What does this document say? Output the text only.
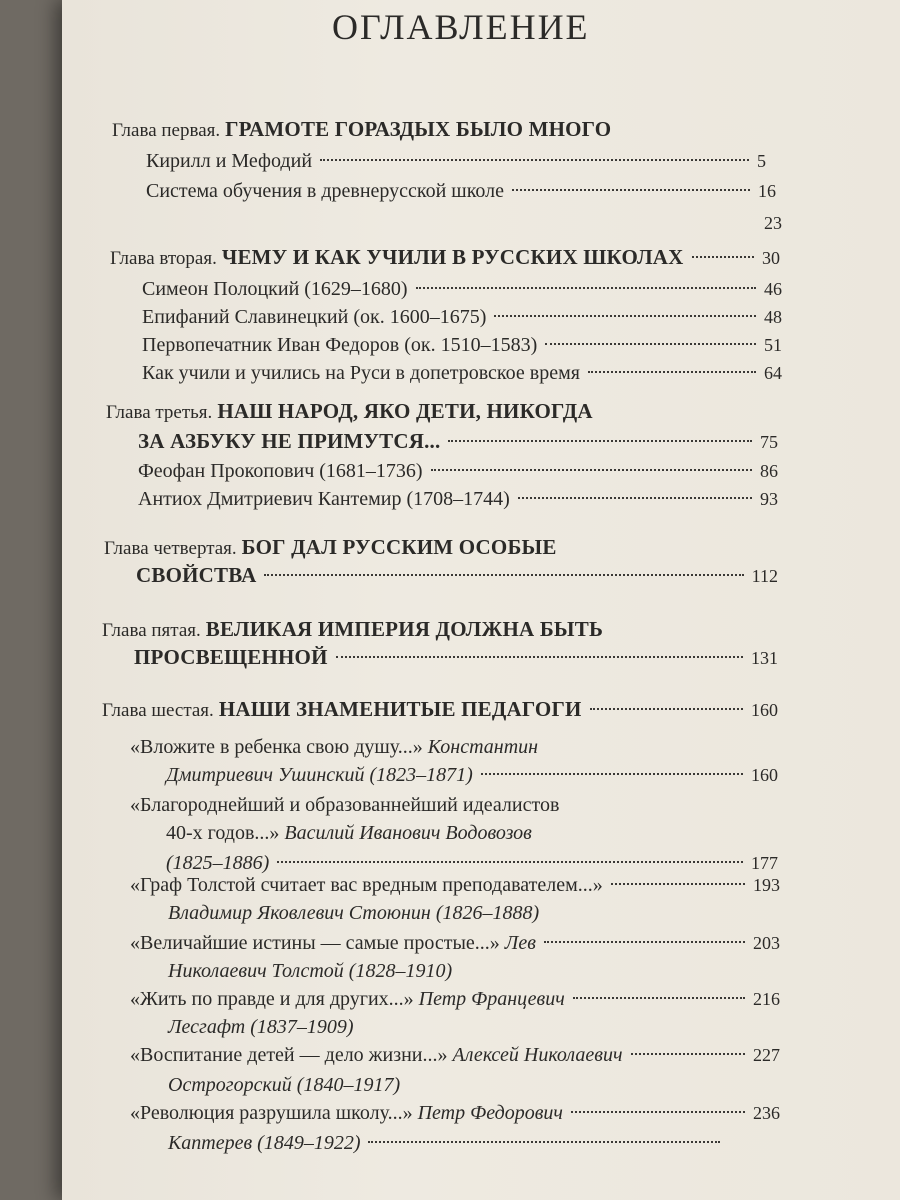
ОГЛАВЛЕНИЕ
Глава первая. ГРАМОТЕ ГОРАЗДЫХ БЫЛО МНОГО
Кирилл и Мефодий	5
Система обучения в древнерусской школе	16
23
Глава вторая. ЧЕМУ И КАК УЧИЛИ В РУССКИХ ШКОЛАХ	30
Симеон Полоцкий (1629–1680)	46
Епифаний Славинецкий (ок. 1600–1675)	48
Первопечатник Иван Федоров (ок. 1510–1583)	51
Как учили и учились на Руси в допетровское время	64
Глава третья. НАШ НАРОД, ЯКО ДЕТИ, НИКОГДА
ЗА АЗБУКУ НЕ ПРИМУТСЯ...	75
Феофан Прокопович (1681–1736)	86
Антиох Дмитриевич Кантемир (1708–1744)	93
Глава четвертая. БОГ ДАЛ РУССКИМ ОСОБЫЕ
СВОЙСТВА	112
Глава пятая. ВЕЛИКАЯ ИМПЕРИЯ ДОЛЖНА БЫТЬ
ПРОСВЕЩЕННОЙ	131
Глава шестая. НАШИ ЗНАМЕНИТЫЕ ПЕДАГОГИ	160
«Вложите в ребенка свою душу...» Константин
Дмитриевич Ушинский (1823–1871)	160
«Благороднейший и образованнейший идеалистов
40-х годов...» Василий Иванович Водовозов
(1825–1886)	177
«Граф Толстой считает вас вредным преподавателем...»	193
Владимир Яковлевич Стоюнин (1826–1888)
«Величайшие истины — самые простые...» Лев	203
Николаевич Толстой (1828–1910)
«Жить по правде и для других...» Петр Францевич	216
Лесгафт (1837–1909)
«Воспитание детей — дело жизни...» Алексей Николаевич	227
Острогорский (1840–1917)
«Революция разрушила школу...» Петр Федорович	236
Каптерев (1849–1922)
